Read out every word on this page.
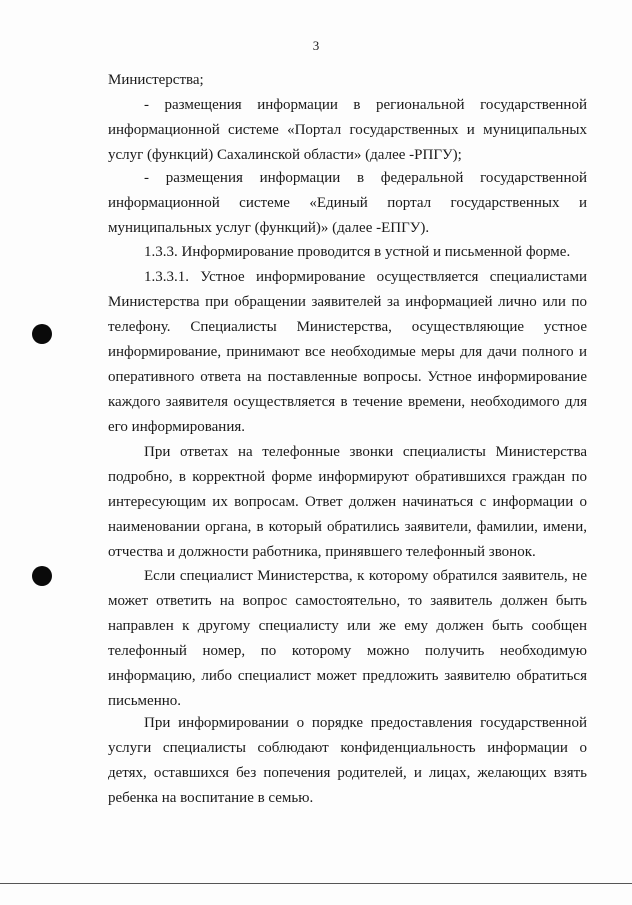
3

Министерства;

- размещения информации в региональной государственной информационной системе «Портал государственных и муниципальных услуг (функций) Сахалинской области» (далее -РПГУ);

- размещения информации в федеральной государственной информационной системе «Единый портал государственных и муниципальных услуг (функций)» (далее -ЕПГУ).

1.3.3. Информирование проводится в устной и письменной форме.

1.3.3.1. Устное информирование осуществляется специалистами Министерства при обращении заявителей за информацией лично или по телефону. Специалисты Министерства, осуществляющие устное информирование, принимают все необходимые меры для дачи полного и оперативного ответа на поставленные вопросы. Устное информирование каждого заявителя осуществляется в течение времени, необходимого для его информирования.

При ответах на телефонные звонки специалисты Министерства подробно, в корректной форме информируют обратившихся граждан по интересующим их вопросам. Ответ должен начинаться с информации о наименовании органа, в который обратились заявители, фамилии, имени, отчества и должности работника, принявшего телефонный звонок.

Если специалист Министерства, к которому обратился заявитель, не может ответить на вопрос самостоятельно, то заявитель должен быть направлен к другому специалисту или же ему должен быть сообщен телефонный номер, по которому можно получить необходимую информацию, либо специалист может предложить заявителю обратиться письменно.

При информировании о порядке предоставления государственной услуги специалисты соблюдают конфиденциальность информации о детях, оставшихся без попечения родителей, и лицах, желающих взять ребенка на воспитание в семью.
